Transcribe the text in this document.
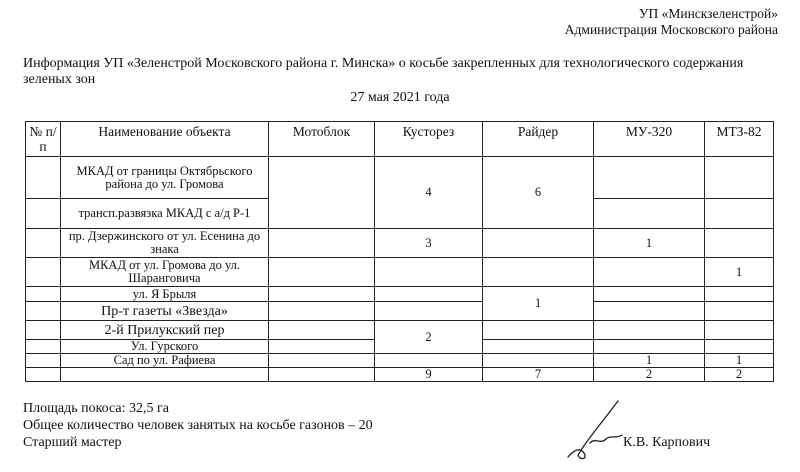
УП «Минскзеленстрой»
Администрация Московского района
Информация УП «Зеленстрой Московского района г. Минска» о косьбе закрепленных для технологического содержания зеленых зон
27 мая 2021 года
№ п/п	Наименование объекта	Мотоблок	Кусторез	Райдер	МУ-320	МТЗ-82
	МКАД от границы Октябрьского района до ул. Громова		4	6		
	трансп.развязка МКАД с а/д Р-1					
	пр. Дзержинского от ул. Есенина до знака		3		1	
	МКАД от ул. Громова до ул. Шаранговича					1
	ул. Я Брыля			1		
	Пр-т газеты «Звезда»					
	2-й Прилукский пер		2			
	Ул. Гурского					
	Сад по ул. Рафиева				1	1
			9	7	2	2
Площадь покоса: 32,5 га
Общее количество человек занятых на косьбе газонов – 20
Старший мастер	К.В. Карпович
